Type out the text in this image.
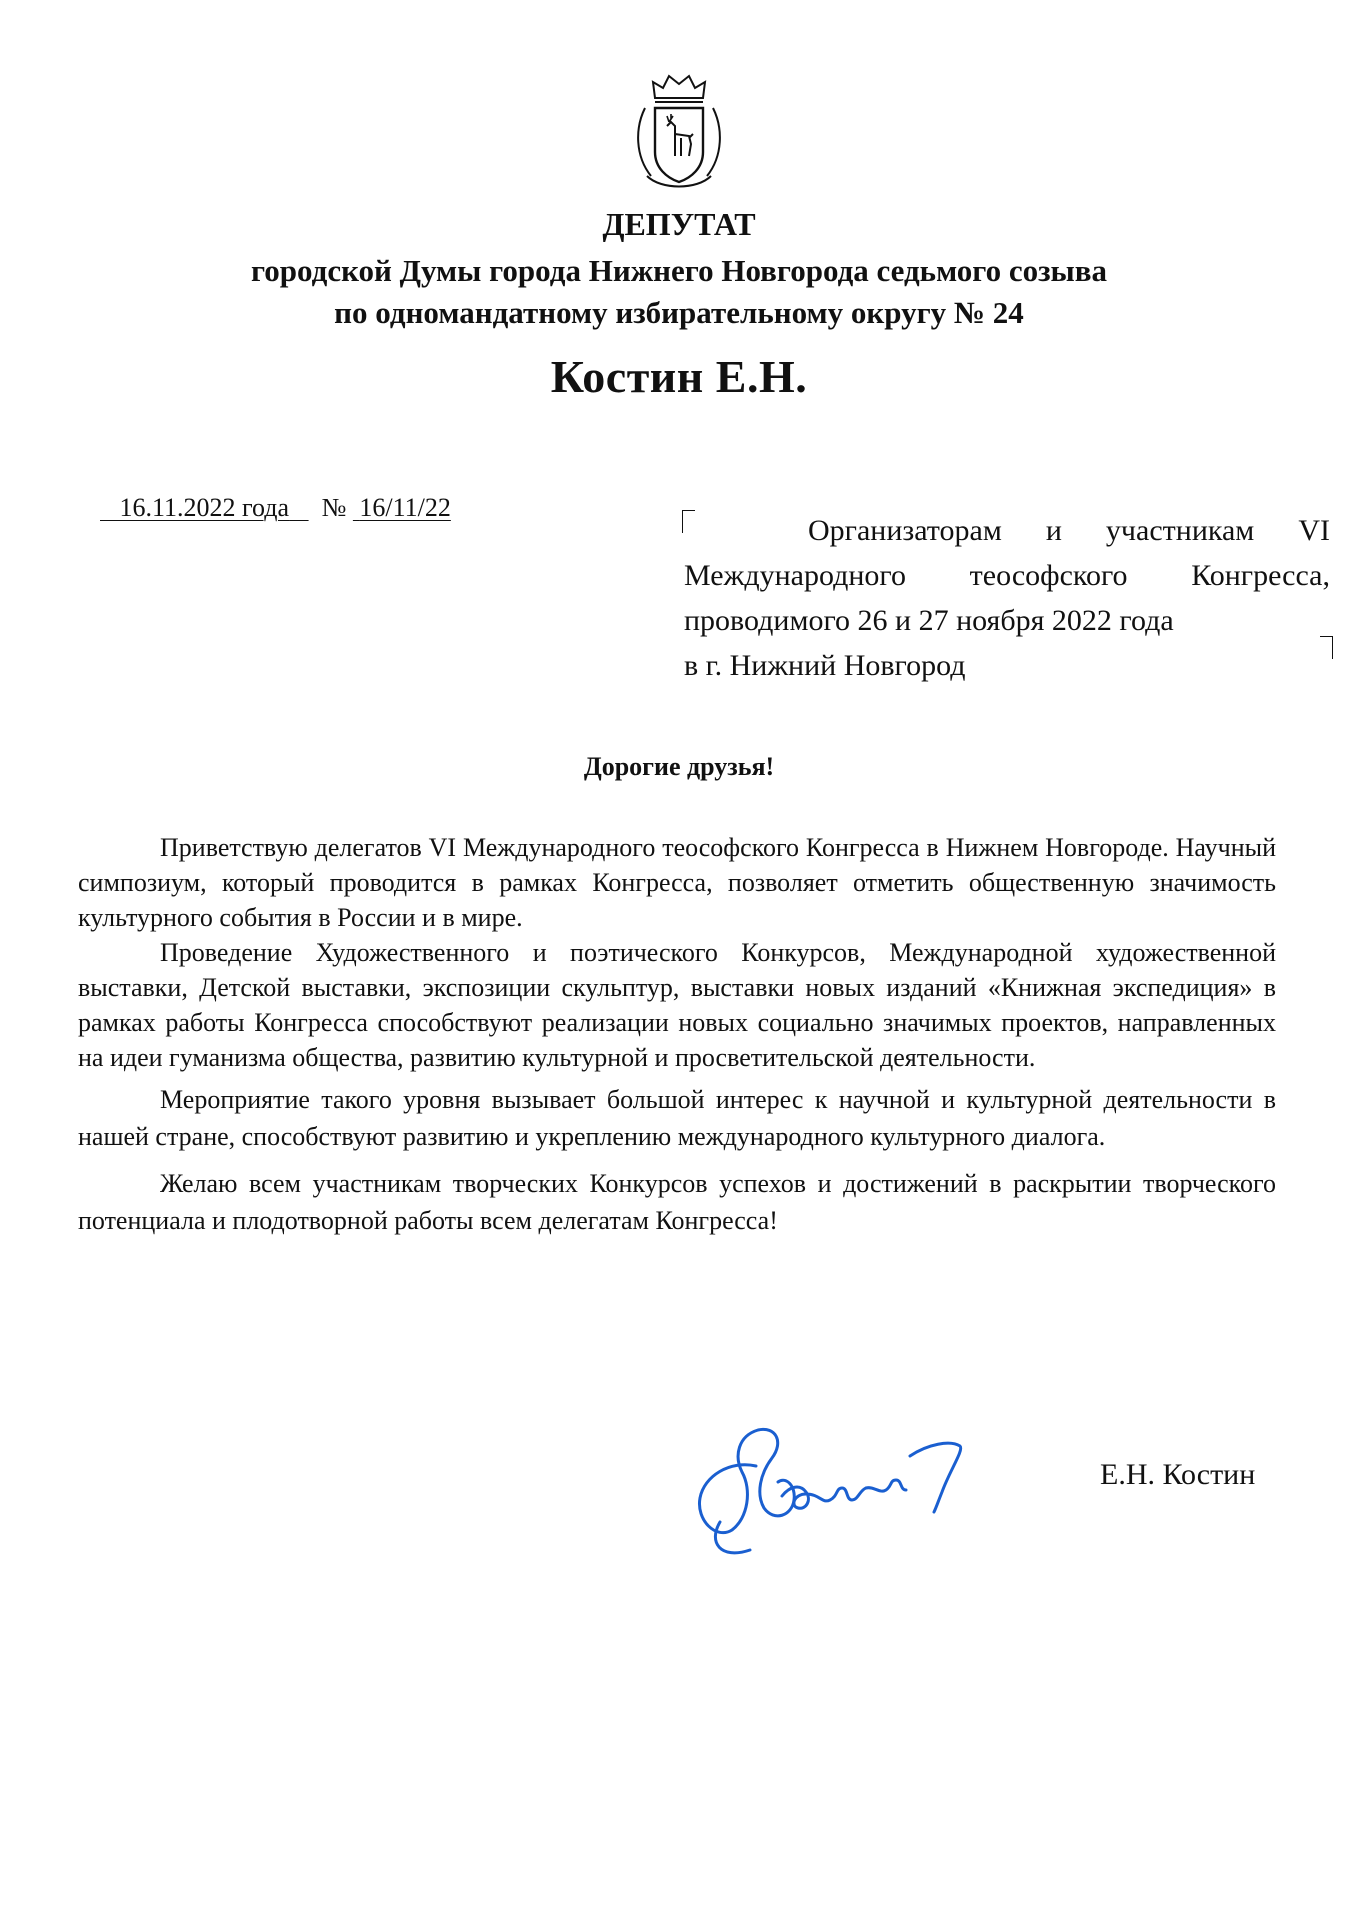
ДЕПУТАТ
городской Думы города Нижнего Новгорода седьмого созыва
по одномандатному избирательному округу № 24
Костин Е.Н.
16.11.2022 года № 16/11/22
Организаторам и участникам VI
Международного теософского Конгресса,
проводимого 26 и 27 ноября 2022 года
в г. Нижний Новгород
Дорогие друзья!

Приветствую делегатов VI Международного теософского Конгресса в Нижнем Новгороде. Научный симпозиум, который проводится в рамках Конгресса, позволяет отметить общественную значимость культурного события в России и в мире.

Проведение Художественного и поэтического Конкурсов, Международной художественной выставки, Детской выставки, экспозиции скульптур, выставки новых изданий «Книжная экспедиция» в рамках работы Конгресса способствуют реализации новых социально значимых проектов, направленных на идеи гуманизма общества, развитию культурной и просветительской деятельности.

Мероприятие такого уровня вызывает большой интерес к научной и культурной деятельности в нашей стране, способствуют развитию и укреплению международного культурного диалога.

Желаю всем участникам творческих Конкурсов успехов и достижений в раскрытии творческого потенциала и плодотворной работы всем делегатам Конгресса!

Е.Н. Костин
